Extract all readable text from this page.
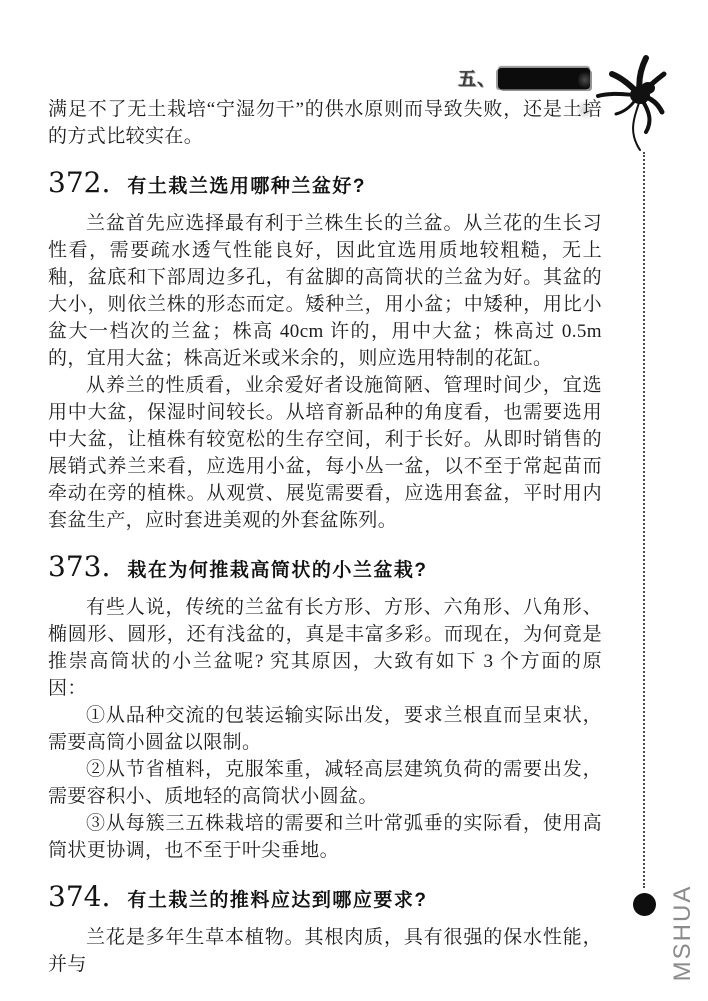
五、
MSHUA

满足不了无土栽培“宁湿勿干”的供水原则而导致失败，还是土培的方式比较实在。

372. 有土栽兰选用哪种兰盆好?

兰盆首先应选择最有利于兰株生长的兰盆。从兰花的生长习性看，需要疏水透气性能良好，因此宜选用质地较粗糙，无上釉，盆底和下部周边多孔，有盆脚的高筒状的兰盆为好。其盆的大小，则依兰株的形态而定。矮种兰，用小盆；中矮种，用比小盆大一档次的兰盆；株高 40cm 许的，用中大盆；株高过 0.5m 的，宜用大盆；株高近米或米余的，则应选用特制的花缸。

从养兰的性质看，业余爱好者设施简陋、管理时间少，宜选用中大盆，保湿时间较长。从培育新品种的角度看，也需要选用中大盆，让植株有较宽松的生存空间，利于长好。从即时销售的展销式养兰来看，应选用小盆，每小丛一盆，以不至于常起苗而牵动在旁的植株。从观赏、展览需要看，应选用套盆，平时用内套盆生产，应时套进美观的外套盆陈列。

373. 栽在为何推栽高筒状的小兰盆栽?

有些人说，传统的兰盆有长方形、方形、六角形、八角形、椭圆形、圆形，还有浅盆的，真是丰富多彩。而现在，为何竟是推崇高筒状的小兰盆呢? 究其原因，大致有如下 3 个方面的原因：

①从品种交流的包装运输实际出发，要求兰根直而呈束状，需要高筒小圆盆以限制。

②从节省植料，克服笨重，减轻高层建筑负荷的需要出发，需要容积小、质地轻的高筒状小圆盆。

③从每簇三五株栽培的需要和兰叶常弧垂的实际看，使用高筒状更协调，也不至于叶尖垂地。

374. 有土栽兰的推料应达到哪应要求?

兰花是多年生草本植物。其根肉质，具有很强的保水性能，并与
